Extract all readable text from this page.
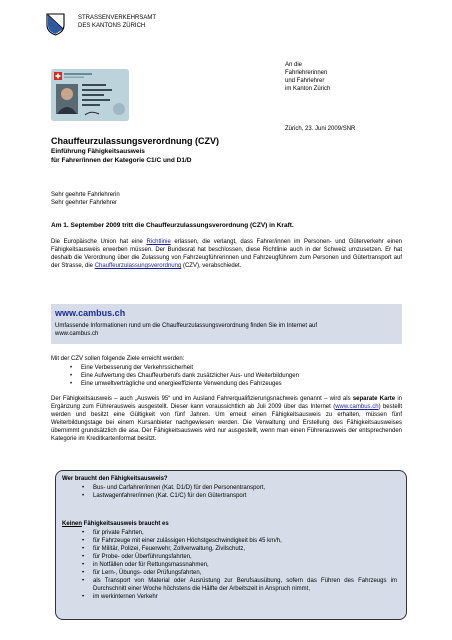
STRASSENVERKEHRSAMT
DES KANTONS ZÜRICH
An die
Fahrlehrerinnen
und Fahrlehrer
im Kanton Zürich
Zürich, 23. Juni 2009/SNR
Chauffeurzulassungsverordnung (CZV)
Einführung Fähigkeitsausweis
für Fahrer/innen der Kategorie C1/C und D1/D
Sehr geehrte Fahrlehrerin
Sehr geehrter Fahrlehrer
Am 1. September 2009 tritt die Chauffeurzulassungsverordnung (CZV) in Kraft.
Die Europäische Union hat eine Richtlinie erlassen, die verlangt, dass Fahrer/innen im Personen- und Güterverkehr einen Fähigkeitsausweis erwerben müssen. Der Bundesrat hat beschlossen, diese Richtlinie auch in der Schweiz umzusetzen. Er hat deshalb die Verordnung über die Zulassung von Fahrzeugführerinnen und Fahrzeugführern zum Personen und Gütertransport auf der Strasse, die Chauffeurzulassungsverordnung (CZV), verabschiedet.
www.cambus.ch
Umfassende Informationen rund um die Chauffeurzulassungsverordnung finden Sie im Internet auf
www.cambus.ch
Mit der CZV sollen folgende Ziele erreicht werden:
• Eine Verbesserung der Verkehrssicherheit
• Eine Aufwertung des Chauffeurberufs dank zusätzlicher Aus- und Weiterbildungen
• Eine umweltverträgliche und energieeffiziente Verwendung des Fahrzeuges
Der Fähigkeitsausweis – auch „Ausweis 95“ und im Ausland Fahrerqualifizierungsnachweis genannt – wird als separate Karte in Ergänzung zum Führerausweis ausgestellt. Dieser kann voraussichtlich ab Juli 2009 über das Internet (www.cambus.ch) bestellt werden und besitzt eine Gültigkeit von fünf Jahren. Um erneut einen Fähigkeitsausweis zu erhalten, müssen fünf Weiterbildungstage bei einem Kursanbieter nachgewiesen werden. Die Verwaltung und Erstellung des Fähigkeitsausweises übernimmt grundsätzlich die asa. Der Fähigkeitsausweis wird nur ausgestellt, wenn man einen Führerausweis der entsprechenden Kategorie im Kreditkartenformat besitzt.
Wer braucht den Fähigkeitsausweis?
• Bus- und Carfahrer/innen (Kat. D1/D) für den Personentransport,
• Lastwagenfahrer/innen (Kat. C1/C) für den Gütertransport
Keinen Fähigkeitsausweis braucht es
• für private Fahrten,
• für Fahrzeuge mit einer zulässigen Höchstgeschwindigkeit bis 45 km/h,
• für Militär, Polizei, Feuerwehr, Zollverwaltung, Zivilschutz,
• für Probe- oder Überführungsfahrten,
• in Notfällen oder für Rettungsmassnahmen,
• für Lern-, Übungs- oder Prüfungsfahrten,
• als Transport von Material oder Ausrüstung zur Berufsausübung, sofern das Führen des Fahrzeugs im Durchschnitt einer Woche höchstens die Hälfte der Arbeitszeit in Anspruch nimmt,
• im werkinternen Verkehr
